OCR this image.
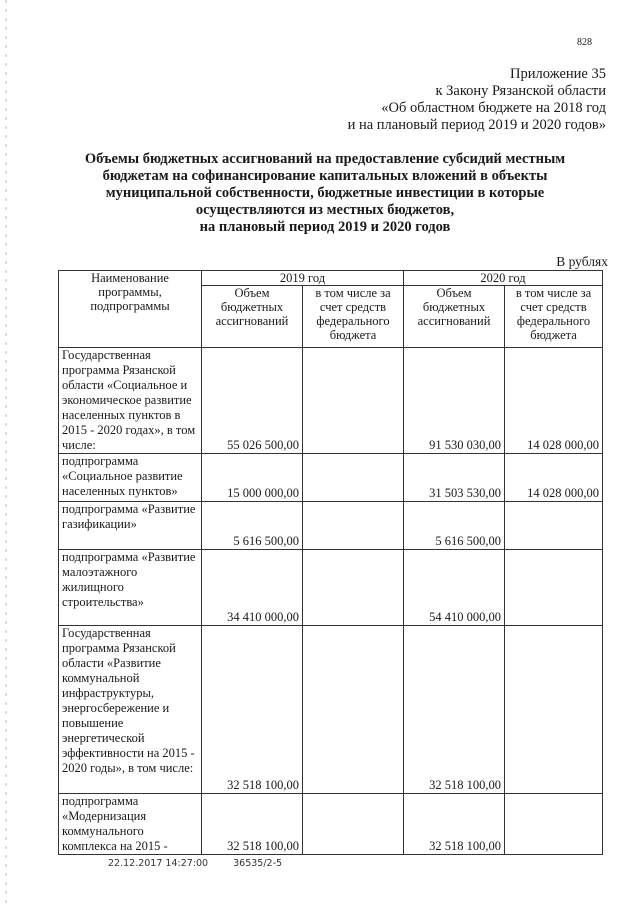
828
Приложение 35
к Закону Рязанской области
«Об областном бюджете на 2018 год
и на плановый период 2019 и 2020 годов»
Объемы бюджетных ассигнований на предоставление субсидий местным
бюджетам на софинансирование капитальных вложений в объекты
муниципальной собственности, бюджетные инвестиции в которые
осуществляются из местных бюджетов,
на плановый период 2019 и 2020 годов
В рублях
Наименование программы, подпрограммы	2019 год		2020 год	
	Объем бюджетных ассигнований	в том числе за счет средств федерального бюджета	Объем бюджетных ассигнований	в том числе за счет средств федерального бюджета
Государственная программа Рязанской области «Социальное и экономическое развитие населенных пунктов в 2015 - 2020 годах», в том числе:	55 026 500,00		91 530 030,00	14 028 000,00
подпрограмма «Социальное развитие населенных пунктов»	15 000 000,00		31 503 530,00	14 028 000,00
подпрограмма «Развитие газификации»	5 616 500,00		5 616 500,00	
подпрограмма «Развитие малоэтажного жилищного строительства»	34 410 000,00		54 410 000,00	
Государственная программа Рязанской области «Развитие коммунальной инфраструктуры, энергосбережение и повышение энергетической эффективности на 2015 - 2020 годы», в том числе:	32 518 100,00		32 518 100,00	
подпрограмма «Модернизация коммунального комплекса на 2015 -	32 518 100,00		32 518 100,00	
22.12.2017 14:27:00	36535/2-5
